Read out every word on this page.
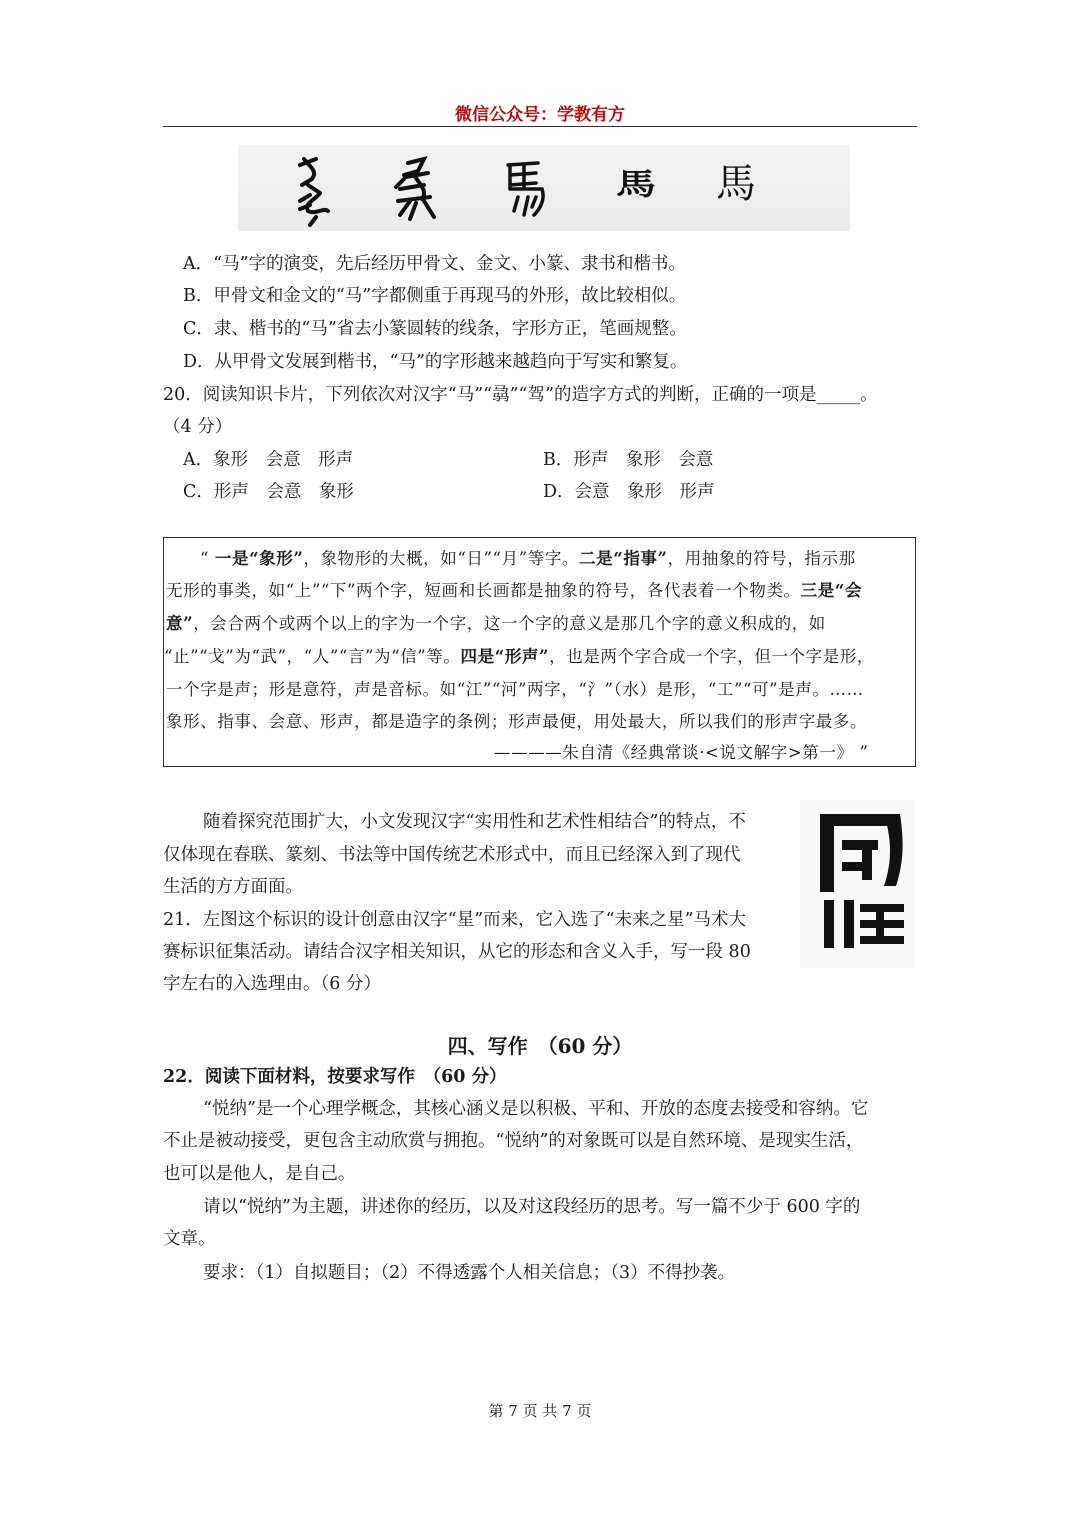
微信公众号：学教有方
馬 馬
A．“马”字的演变，先后经历甲骨文、金文、小篆、隶书和楷书。
B．甲骨文和金文的“马”字都侧重于再现马的外形，故比较相似。
C．隶、楷书的“马”省去小篆圆转的线条，字形方正，笔画规整。
D．从甲骨文发展到楷书，“马”的字形越来越趋向于写实和繁复。
20．阅读知识卡片，下列依次对汉字“马”“骉”“驾”的造字方式的判断，正确的一项是_____。
（4 分）
A．象形　会意　形声	B．形声　象形　会意
C．形声　会意　象形	D．会意　象形　形声
“ 一是“象形”，象物形的大概，如“日”“月”等字。二是“指事”，用抽象的符号，指示那
无形的事类，如“上”“下”两个字，短画和长画都是抽象的符号，各代表着一个物类。三是“会
意”，会合两个或两个以上的字为一个字，这一个字的意义是那几个字的意义积成的，如
“止”“戈”为“武”，“人”“言”为“信”等。四是“形声”，也是两个字合成一个字，但一个字是形，
一个字是声；形是意符，声是音标。如“江”“河”两字，“氵”（水）是形，“工”“可”是声。……
象形、指事、会意、形声，都是造字的条例；形声最便，用处最大，所以我们的形声字最多。
————朱自清《经典常谈·<说文解字>第一》 ”
随着探究范围扩大，小文发现汉字“实用性和艺术性相结合”的特点，不
仅体现在春联、篆刻、书法等中国传统艺术形式中，而且已经深入到了现代
生活的方方面面。
21．左图这个标识的设计创意由汉字“星”而来，它入选了“未来之星”马术大
赛标识征集活动。请结合汉字相关知识，从它的形态和含义入手，写一段 80
字左右的入选理由。（6 分）
四、写作　（60 分）
22．阅读下面材料，按要求写作　（60 分）
“悦纳”是一个心理学概念，其核心涵义是以积极、平和、开放的态度去接受和容纳。它
不止是被动接受，更包含主动欣赏与拥抱。“悦纳”的对象既可以是自然环境、是现实生活，
也可以是他人，是自己。
请以“悦纳”为主题，讲述你的经历，以及对这段经历的思考。写一篇不少于 600 字的
文章。
要求：（1）自拟题目；（2）不得透露个人相关信息；（3）不得抄袭。
第 7 页 共 7 页
